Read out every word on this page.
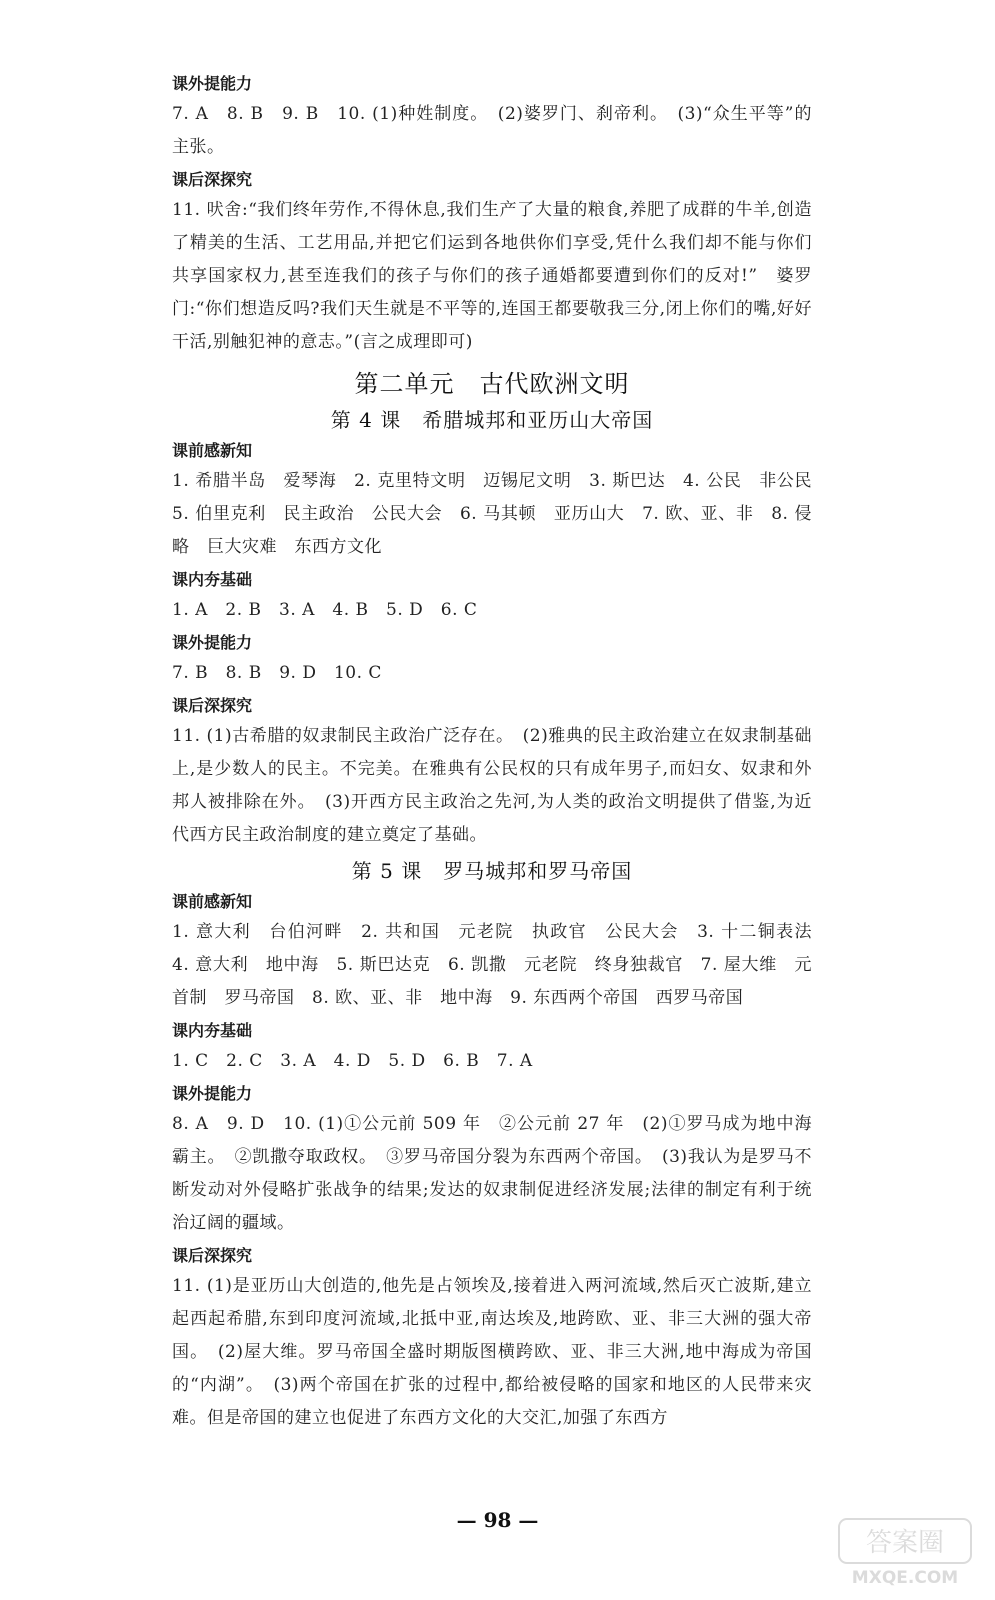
课外提能力

7. A　8. B　9. B　10. (1)种姓制度。　(2)婆罗门、刹帝利。　(3)“众生平等”的主张。

课后深探究

11. 吠舍:“我们终年劳作,不得休息,我们生产了大量的粮食,养肥了成群的牛羊,创造了精美的生活、工艺用品,并把它们运到各地供你们享受,凭什么我们却不能与你们共享国家权力,甚至连我们的孩子与你们的孩子通婚都要遭到你们的反对!”　婆罗门:“你们想造反吗?我们天生就是不平等的,连国王都要敬我三分,闭上你们的嘴,好好干活,别触犯神的意志。”(言之成理即可)

第二单元　古代欧洲文明
第 4 课　希腊城邦和亚历山大帝国
课前感新知

1. 希腊半岛　爱琴海　2. 克里特文明　迈锡尼文明　3. 斯巴达　4. 公民　非公民　5. 伯里克利　民主政治　公民大会　6. 马其顿　亚历山大　7. 欧、亚、非　8. 侵略　巨大灾难　东西方文化

课内夯基础

1. A　2. B　3. A　4. B　5. D　6. C

课外提能力

7. B　8. B　9. D　10. C

课后深探究

11. (1)古希腊的奴隶制民主政治广泛存在。　(2)雅典的民主政治建立在奴隶制基础上,是少数人的民主。不完美。在雅典有公民权的只有成年男子,而妇女、奴隶和外邦人被排除在外。　(3)开西方民主政治之先河,为人类的政治文明提供了借鉴,为近代西方民主政治制度的建立奠定了基础。

第 5 课　罗马城邦和罗马帝国
课前感新知

1. 意大利　台伯河畔　2. 共和国　元老院　执政官　公民大会　3. 十二铜表法　4. 意大利　地中海　5. 斯巴达克　6. 凯撒　元老院　终身独裁官　7. 屋大维　元首制　罗马帝国　8. 欧、亚、非　地中海　9. 东西两个帝国　西罗马帝国

课内夯基础

1. C　2. C　3. A　4. D　5. D　6. B　7. A

课外提能力

8. A　9. D　10. (1)①公元前 509 年　②公元前 27 年　(2)①罗马成为地中海霸主。　②凯撒夺取政权。　③罗马帝国分裂为东西两个帝国。　(3)我认为是罗马不断发动对外侵略扩张战争的结果;发达的奴隶制促进经济发展;法律的制定有利于统治辽阔的疆域。

课后深探究

11. (1)是亚历山大创造的,他先是占领埃及,接着进入两河流域,然后灭亡波斯,建立起西起希腊,东到印度河流域,北抵中亚,南达埃及,地跨欧、亚、非三大洲的强大帝国。　(2)屋大维。罗马帝国全盛时期版图横跨欧、亚、非三大洲,地中海成为帝国的“内湖”。　(3)两个帝国在扩张的过程中,都给被侵略的国家和地区的人民带来灾难。但是帝国的建立也促进了东西方文化的大交汇,加强了东西方

— 98 —
答案圈
MXQE.COM
